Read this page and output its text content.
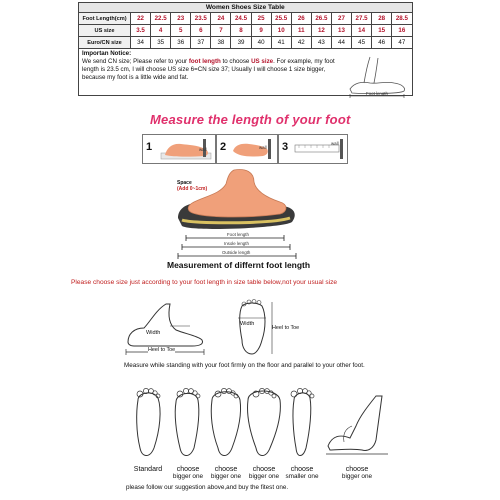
Women Shoes Size Table														
Foot Length(cm)	22	22.5	23	23.5	24	24.5	25	25.5	26	26.5	27	27.5	28	28.5
US size	3.5	4	5	6	7	8	9	10	11	12	13	14	15	16
Euro/CN size	34	35	36	37	38	39	40	41	42	43	44	45	46	47

Importan Notice:
We send CN size; Please refer to your foot length to choose US size. For example, my foot length is 23.5 cm, I will choose US size 6=CN size 37; Usually I will choose 1 size bigger, because my foot is a little wide and fat.														
Foot length
Measure the length of your foot
1	wall 2	wall 3	wall
Space
(Add 0~1cm)
Foot length
Insole length
Outside length
Measurement of differnt foot length
Please choose size just according to your foot length in size table below,not your usual size
Width
Heel to Toe
Width
Heel to Toe
Measure while standing with your foot firmly on the floor and parallel to your other foot.
Standard	choose
bigger one
choose
bigger one
choose
bigger one
choose
smaller one
choose
bigger one
please follow our suggestion above,and buy the fitest one.
